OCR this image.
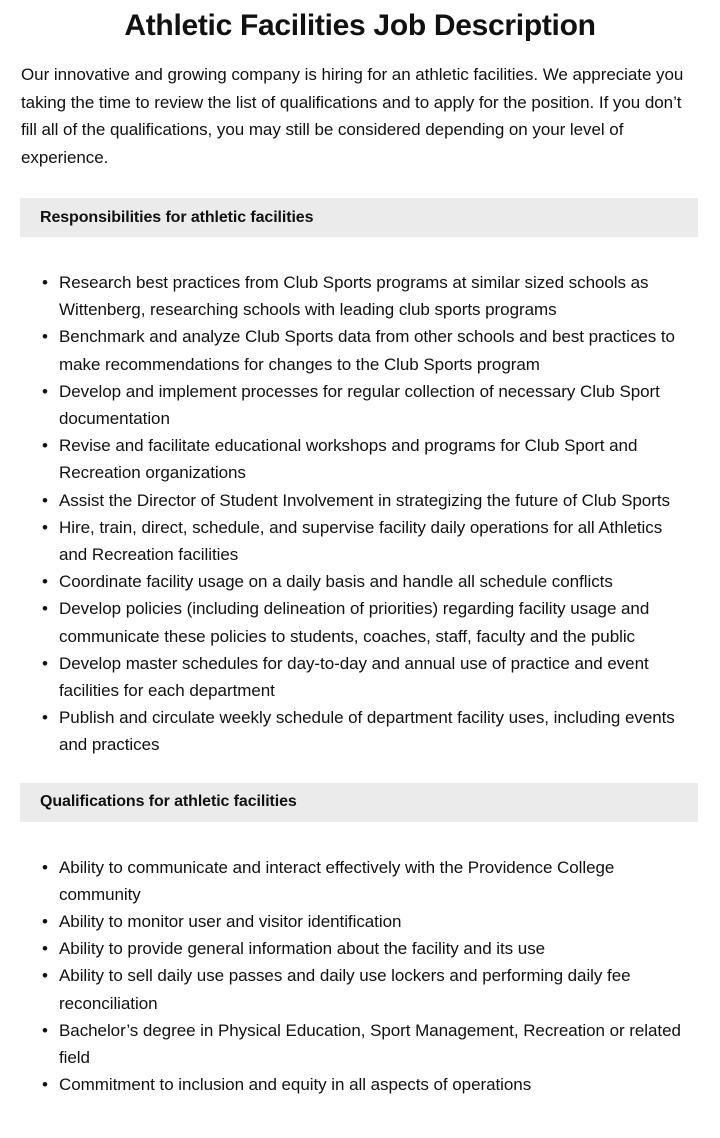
Athletic Facilities Job Description

Our innovative and growing company is hiring for an athletic facilities. We appreciate you taking the time to review the list of qualifications and to apply for the position. If you don’t fill all of the qualifications, you may still be considered depending on your level of experience.

Responsibilities for athletic facilities
•
Research best practices from Club Sports programs at similar sized schools as Wittenberg, researching schools with leading club sports programs
•
Benchmark and analyze Club Sports data from other schools and best practices to make recommendations for changes to the Club Sports program
•
Develop and implement processes for regular collection of necessary Club Sport documentation
•
Revise and facilitate educational workshops and programs for Club Sport and Recreation organizations
•
Assist the Director of Student Involvement in strategizing the future of Club Sports
•
Hire, train, direct, schedule, and supervise facility daily operations for all Athletics and Recreation facilities
•
Coordinate facility usage on a daily basis and handle all schedule conflicts
•
Develop policies (including delineation of priorities) regarding facility usage and communicate these policies to students, coaches, staff, faculty and the public
•
Develop master schedules for day-to-day and annual use of practice and event facilities for each department
•
Publish and circulate weekly schedule of department facility uses, including events and practices
Qualifications for athletic facilities
•
Ability to communicate and interact effectively with the Providence College community
•
Ability to monitor user and visitor identification
•
Ability to provide general information about the facility and its use
•
Ability to sell daily use passes and daily use lockers and performing daily fee reconciliation
•
Bachelor’s degree in Physical Education, Sport Management, Recreation or related field
•
Commitment to inclusion and equity in all aspects of operations
